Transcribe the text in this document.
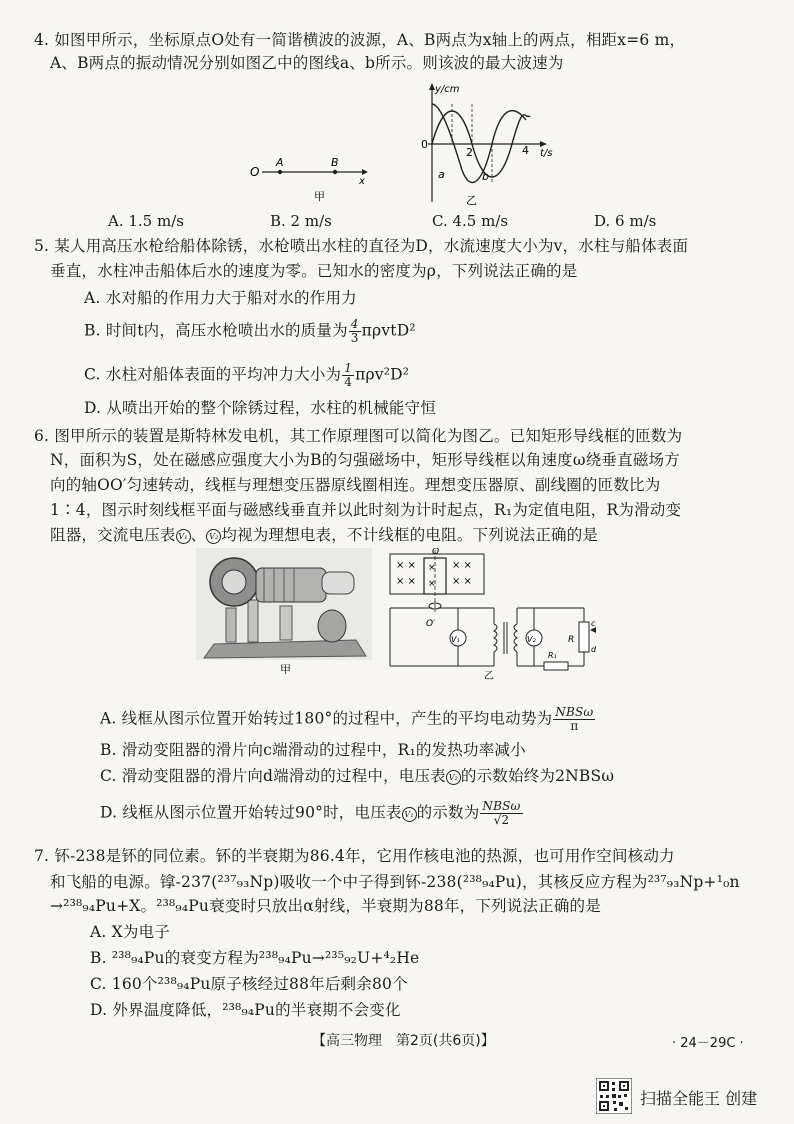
4. 如图甲所示，坐标原点O处有一简谐横波的波源，A、B两点为x轴上的两点，相距x=6 m，
A、B两点的振动情况分别如图乙中的图线a、b所示。则该波的最大波速为
O
A	B
x
甲
y/cm
0
2	4 t/s
a	b
乙
A. 1.5 m/s	B. 2 m/s	C. 4.5 m/s	D. 6 m/s
5. 某人用高压水枪给船体除锈，水枪喷出水柱的直径为D，水流速度大小为v，水柱与船体表面
垂直，水柱冲击船体后水的速度为零。已知水的密度为ρ，下列说法正确的是
A. 水对船的作用力大于船对水的作用力
B. 时间t内，高压水枪喷出水的质量为 $\frac{4}{3} \pi\rho vtD^2$
C. 水柱对船体表面的平均冲力大小为 $\frac{1}{4} \pi\rho v^2D^2$
D. 从喷出开始的整个除锈过程，水柱的机械能守恒
6. 图甲所示的装置是斯特林发电机，其工作原理图可以简化为图乙。已知矩形导线框的匝数为
N，面积为S，处在磁感应强度大小为B的匀强磁场中，矩形导线框以角速度ω绕垂直磁场方
向的轴OO′匀速转动，线框与理想变压器原线圈相连。理想变压器原、副线圈的匝数比为
1∶4，图示时刻线框平面与磁感线垂直并以此时刻为计时起点，R₁为定值电阻，R为滑动变
阻器，交流电压表 V₁ 、 V₂ 均视为理想电表，不计线框的电阻。下列说法正确的是
甲
× ×
× ×
× ×
× ×
×
×
O
O′
V₁	V₂	R
c
d
R₁
乙
A. 线框从图示位置开始转过180°的过程中，产生的平均电动势为 $\frac{\text{NBSω}}{\pi}$
B. 滑动变阻器的滑片向c端滑动的过程中，R₁的发热功率减小
C. 滑动变阻器的滑片向d端滑动的过程中，电压表 V₂ 的示数始终为2NBSω
D. 线框从图示位置开始转过90°时，电压表 V₁ 的示数为 $\frac{\text{NBSω}}{√2}$
7. 钚-238是钚的同位素。钚的半衰期为86.4年，它用作核电池的热源，也可用作空间核动力
和飞船的电源。镎-237(²³⁷₉₃Np)吸收一个中子得到钚-238(²³⁸₉₄Pu)，其核反应方程为²³⁷₉₃Np+¹₀n
→²³⁸₉₄Pu+X。²³⁸₉₄Pu衰变时只放出α射线，半衰期为88年，下列说法正确的是
A. X为电子
B. ²³⁸₉₄Pu的衰变方程为²³⁸₉₄Pu→²³⁵₉₂U+⁴₂He
C. 160个²³⁸₉₄Pu原子核经过88年后剩余80个
D. 外界温度降低，²³⁸₉₄Pu的半衰期不会变化
【高三物理　第2页(共6页)】	· 24－29C ·
扫描全能王 创建
